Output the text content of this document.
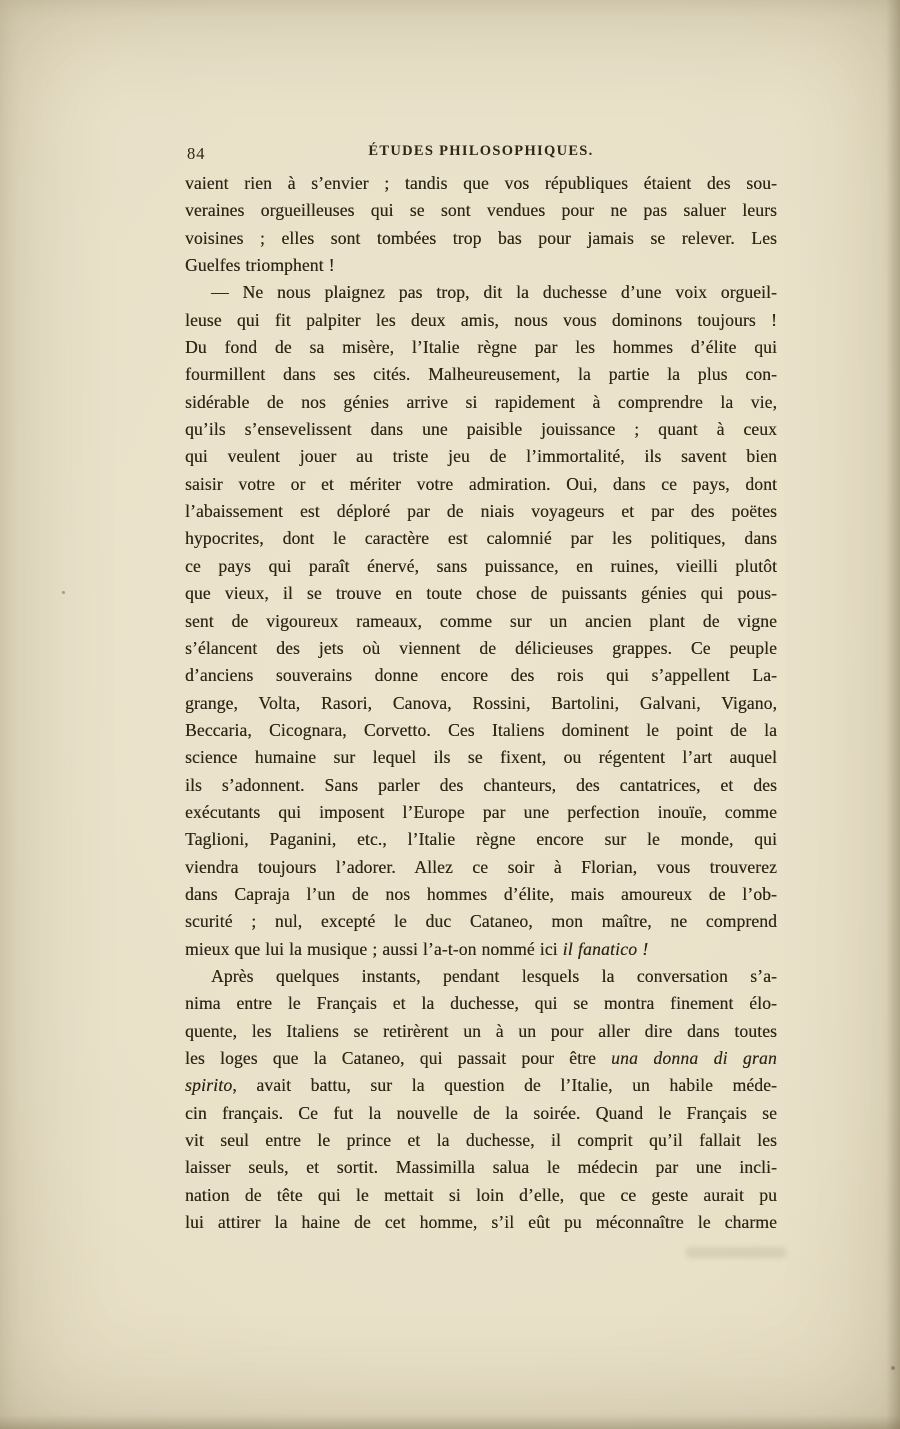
84	ÉTUDES PHILOSOPHIQUES.
vaient rien à s’envier ; tandis que vos républiques étaient des sou-
veraines orgueilleuses qui se sont vendues pour ne pas saluer leurs
voisines ; elles sont tombées trop bas pour jamais se relever. Les
Guelfes triomphent !
— Ne nous plaignez pas trop, dit la duchesse d’une voix orgueil-
leuse qui fit palpiter les deux amis, nous vous dominons toujours !
Du fond de sa misère, l’Italie règne par les hommes d’élite qui
fourmillent dans ses cités. Malheureusement, la partie la plus con-
sidérable de nos génies arrive si rapidement à comprendre la vie,
qu’ils s’ensevelissent dans une paisible jouissance ; quant à ceux
qui veulent jouer au triste jeu de l’immortalité, ils savent bien
saisir votre or et mériter votre admiration. Oui, dans ce pays, dont
l’abaissement est déploré par de niais voyageurs et par des poëtes
hypocrites, dont le caractère est calomnié par les politiques, dans
ce pays qui paraît énervé, sans puissance, en ruines, vieilli plutôt
que vieux, il se trouve en toute chose de puissants génies qui pous-
sent de vigoureux rameaux, comme sur un ancien plant de vigne
s’élancent des jets où viennent de délicieuses grappes. Ce peuple
d’anciens souverains donne encore des rois qui s’appellent La-
grange, Volta, Rasori, Canova, Rossini, Bartolini, Galvani, Vigano,
Beccaria, Cicognara, Corvetto. Ces Italiens dominent le point de la
science humaine sur lequel ils se fixent, ou régentent l’art auquel
ils s’adonnent. Sans parler des chanteurs, des cantatrices, et des
exécutants qui imposent l’Europe par une perfection inouïe, comme
Taglioni, Paganini, etc., l’Italie règne encore sur le monde, qui
viendra toujours l’adorer. Allez ce soir à Florian, vous trouverez
dans Capraja l’un de nos hommes d’élite, mais amoureux de l’ob-
scurité ; nul, excepté le duc Cataneo, mon maître, ne comprend
mieux que lui la musique ; aussi l’a-t-on nommé ici il fanatico !
Après quelques instants, pendant lesquels la conversation s’a-
nima entre le Français et la duchesse, qui se montra finement élo-
quente, les Italiens se retirèrent un à un pour aller dire dans toutes
les loges que la Cataneo, qui passait pour être una donna di gran
spirito, avait battu, sur la question de l’Italie, un habile méde-
cin français. Ce fut la nouvelle de la soirée. Quand le Français se
vit seul entre le prince et la duchesse, il comprit qu’il fallait les
laisser seuls, et sortit. Massimilla salua le médecin par une incli-
nation de tête qui le mettait si loin d’elle, que ce geste aurait pu
lui attirer la haine de cet homme, s’il eût pu méconnaître le charme
